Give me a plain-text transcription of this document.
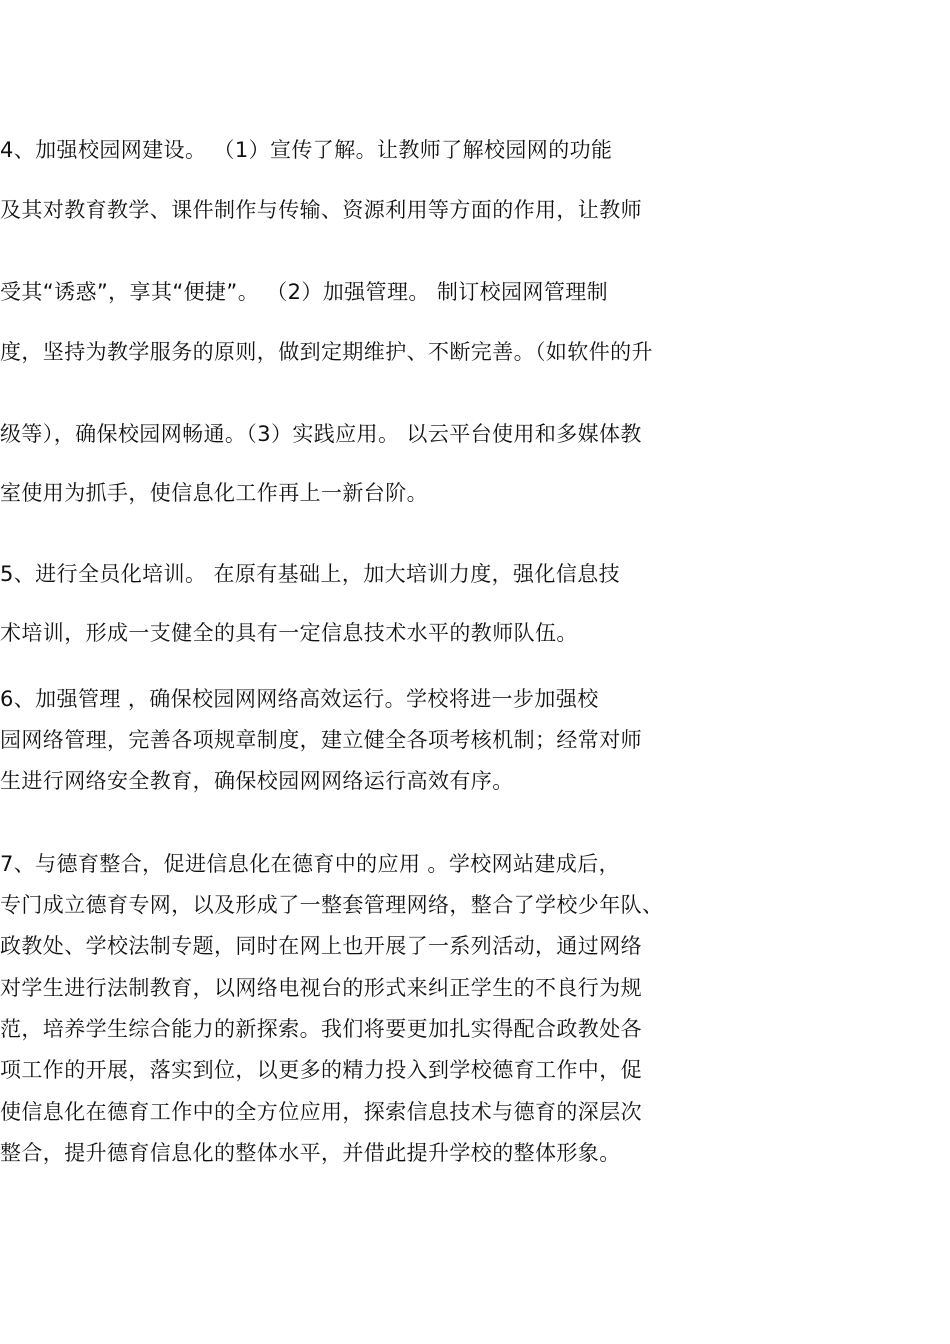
4、加强校园网建设。 （1）宣传了解。让教师了解校园网的功能
及其对教育教学、课件制作与传输、资源利用等方面的作用，让教师
受其“诱惑”，享其“便捷”。 （2）加强管理。 制订校园网管理制
度，坚持为教学服务的原则，做到定期维护、不断完善。（如软件的升
级等），确保校园网畅通。（3）实践应用。 以云平台使用和多媒体教
室使用为抓手，使信息化工作再上一新台阶。
5、进行全员化培训。 在原有基础上，加大培训力度，强化信息技
术培训，形成一支健全的具有一定信息技术水平的教师队伍。
6、加强管理 ，确保校园网网络高效运行。学校将进一步加强校
园网络管理，完善各项规章制度，建立健全各项考核机制；经常对师
生进行网络安全教育，确保校园网网络运行高效有序。
7、与德育整合，促进信息化在德育中的应用 。学校网站建成后，
专门成立德育专网，以及形成了一整套管理网络，整合了学校少年队、
政教处、学校法制专题，同时在网上也开展了一系列活动，通过网络
对学生进行法制教育，以网络电视台的形式来纠正学生的不良行为规
范，培养学生综合能力的新探索。我们将要更加扎实得配合政教处各
项工作的开展，落实到位，以更多的精力投入到学校德育工作中，促
使信息化在德育工作中的全方位应用，探索信息技术与德育的深层次
整合，提升德育信息化的整体水平，并借此提升学校的整体形象。
